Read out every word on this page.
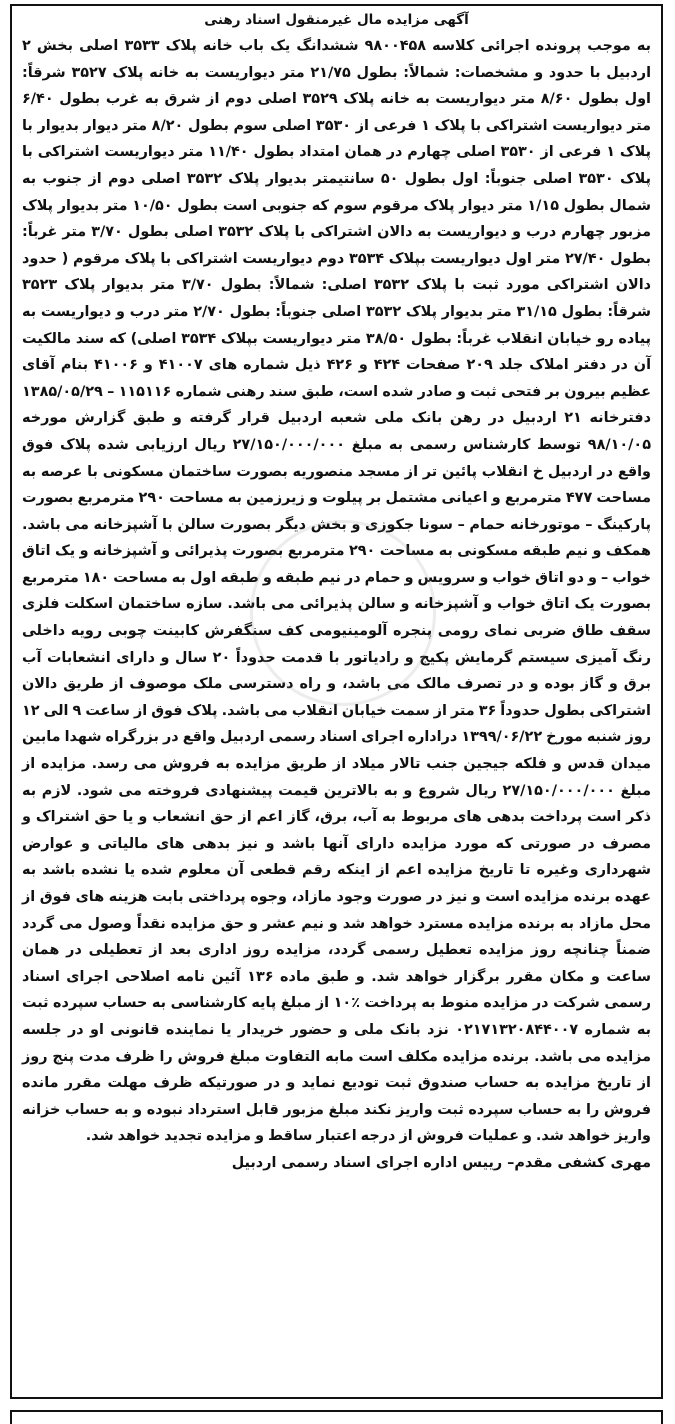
آگهی مزایده مال غیرمنقول اسناد رهنی

به موجب پرونده اجرائی کلاسه ۹۸۰۰۴۵۸ ششدانگ یک باب خانه پلاک ۳۵۳۳ اصلی بخش ۲ اردبیل با حدود و مشخصات: شمالاً: بطول ۲۱/۷۵ متر دیواریست به خانه پلاک ۳۵۲۷ شرقاً: اول بطول ۸/۶۰ متر دیواریست به خانه پلاک ۳۵۲۹ اصلی دوم از شرق به غرب بطول ۶/۴۰ متر دیواریست اشتراکی با پلاک ۱ فرعی از ۳۵۳۰ اصلی سوم بطول ۸/۲۰ متر دیوار بدیوار با پلاک ۱ فرعی از ۳۵۳۰ اصلی چهارم در همان امتداد بطول ۱۱/۴۰ متر دیواریست اشتراکی با پلاک ۳۵۳۰ اصلی جنوباً: اول بطول ۵۰ سانتیمتر بدیوار پلاک ۳۵۳۲ اصلی دوم از جنوب به شمال بطول ۱/۱۵ متر دیوار پلاک مرقوم سوم که جنوبی است بطول ۱۰/۵۰ متر بدیوار پلاک مزبور چهارم درب و دیواریست به دالان اشتراکی با پلاک ۳۵۳۲ اصلی بطول ۳/۷۰ متر غرباً: بطول ۲۷/۴۰ متر اول دیواریست بپلاک ۳۵۳۴ دوم دیواریست اشتراکی با پلاک مرقوم ( حدود دالان اشتراکی مورد ثبت با پلاک ۳۵۳۲ اصلی: شمالاً: بطول ۳/۷۰ متر بدیوار پلاک ۳۵۲۳ شرقاً: بطول ۳۱/۱۵ متر بدیوار پلاک ۳۵۳۲ اصلی جنوباً: بطول ۲/۷۰ متر درب و دیواریست به پیاده رو خیابان انقلاب غرباً: بطول ۳۸/۵۰ متر دیواریست بپلاک ۳۵۳۴ اصلی) که سند مالکیت آن در دفتر املاک جلد ۲۰۹ صفحات ۴۲۴ و ۴۲۶ ذیل شماره های ۴۱۰۰۷ و ۴۱۰۰۶ بنام آقای عظیم بیرون بر فتحی ثبت و صادر شده است، طبق سند رهنی شماره ۱۱۵۱۱۶ – ۱۳۸۵/۰۵/۲۹ دفترخانه ۲۱ اردبیل در رهن بانک ملی شعبه اردبیل قرار گرفته و طبق گزارش مورخه ۹۸/۱۰/۰۵ توسط کارشناس رسمی به مبلغ ۲۷/۱۵۰/۰۰۰/۰۰۰ ریال ارزیابی شده پلاک فوق واقع در اردبیل خ انقلاب پائین تر از مسجد منصوریه بصورت ساختمان مسکونی با عرصه به مساحت ۴۷۷ مترمربع و اعیانی مشتمل بر پیلوت و زیرزمین به مساحت ۲۹۰ مترمربع بصورت پارکینگ – موتورخانه حمام – سونا جکوزی و بخش دیگر بصورت سالن با آشپزخانه می باشد. همکف و نیم طبقه مسکونی به مساحت ۲۹۰ مترمربع بصورت پذیرائی و آشپزخانه و یک اتاق خواب – و دو اتاق خواب و سرویس و حمام در نیم طبقه و طبقه اول به مساحت ۱۸۰ مترمربع بصورت یک اتاق خواب و آشپزخانه و سالن پذیرائی می باشد. سازه ساختمان اسکلت فلزی سقف طاق ضربی نمای رومی پنجره آلومینیومی کف سنگفرش کابینت چوبی رویه داخلی رنگ آمیزی سیستم گرمایش پکیج و رادیاتور با قدمت حدوداً ۲۰ سال و دارای انشعابات آب برق و گاز بوده و در تصرف مالک می باشد، و راه دسترسی ملک موصوف از طریق دالان اشتراکی بطول حدوداً ۳۶ متر از سمت خیابان انقلاب می باشد. پلاک فوق از ساعت ۹ الی ۱۲ روز شنبه مورخ ۱۳۹۹/۰۶/۲۲ دراداره اجرای اسناد رسمی اردبیل واقع در بزرگراه شهدا مابین میدان قدس و فلکه جیجین جنب تالار میلاد از طریق مزایده به فروش می رسد. مزایده از مبلغ ۲۷/۱۵۰/۰۰۰/۰۰۰ ریال شروع و به بالاترین قیمت پیشنهادی فروخته می شود. لازم به ذکر است پرداخت بدهی های مربوط به آب، برق، گاز اعم از حق انشعاب و یا حق اشتراک و مصرف در صورتی که مورد مزایده دارای آنها باشد و نیز بدهی های مالیاتی و عوارض شهرداری وغیره تا تاریخ مزایده اعم از اینکه رقم قطعی آن معلوم شده یا نشده باشد به عهده برنده مزایده است و نیز در صورت وجود مازاد، وجوه پرداختی بابت هزینه های فوق از محل مازاد به برنده مزایده مسترد خواهد شد و نیم عشر و حق مزایده نقداً وصول می گردد ضمناً چنانچه روز مزایده تعطیل رسمی گردد، مزایده روز اداری بعد از تعطیلی در همان ساعت و مکان مقرر برگزار خواهد شد. و طبق ماده ۱۳۶ آئین نامه اصلاحی اجرای اسناد رسمی شرکت در مزایده منوط به پرداخت ٪۱۰ از مبلغ پایه کارشناسی به حساب سپرده ثبت به شماره ۰۲۱۷۱۳۲۰۸۴۴۰۰۷ نزد بانک ملی و حضور خریدار یا نماینده قانونی او در جلسه مزایده می باشد. برنده مزایده مکلف است مابه التفاوت مبلغ فروش را ظرف مدت پنج روز از تاریخ مزایده به حساب صندوق ثبت تودیع نماید و در صورتیکه ظرف مهلت مقرر مانده فروش را به حساب سپرده ثبت واریز نکند مبلغ مزبور قابل استرداد نبوده و به حساب خزانه واریز خواهد شد. و عملیات فروش از درجه اعتبار ساقط و مزایده تجدید خواهد شد.

مهری کشفی مقدم– رییس اداره اجرای اسناد رسمی اردبیل
